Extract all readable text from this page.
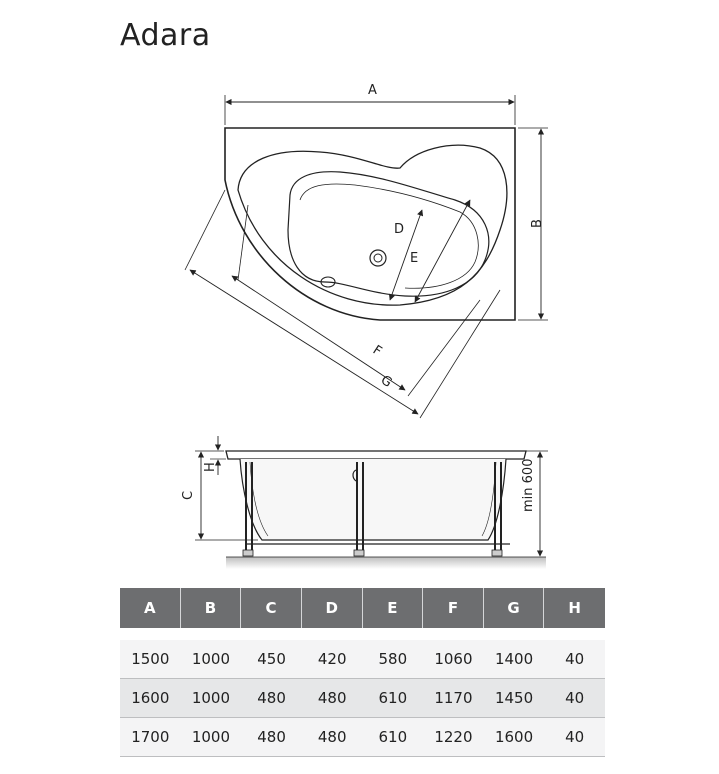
Adara
A
B
D
E
F
G
C
H	min 600
A	B	C	D	E	F	G	H

1500	1000	450	420	580	1060	1400	40
1600	1000	480	480	610	1170	1450	40
1700	1000	480	480	610	1220	1600	40
